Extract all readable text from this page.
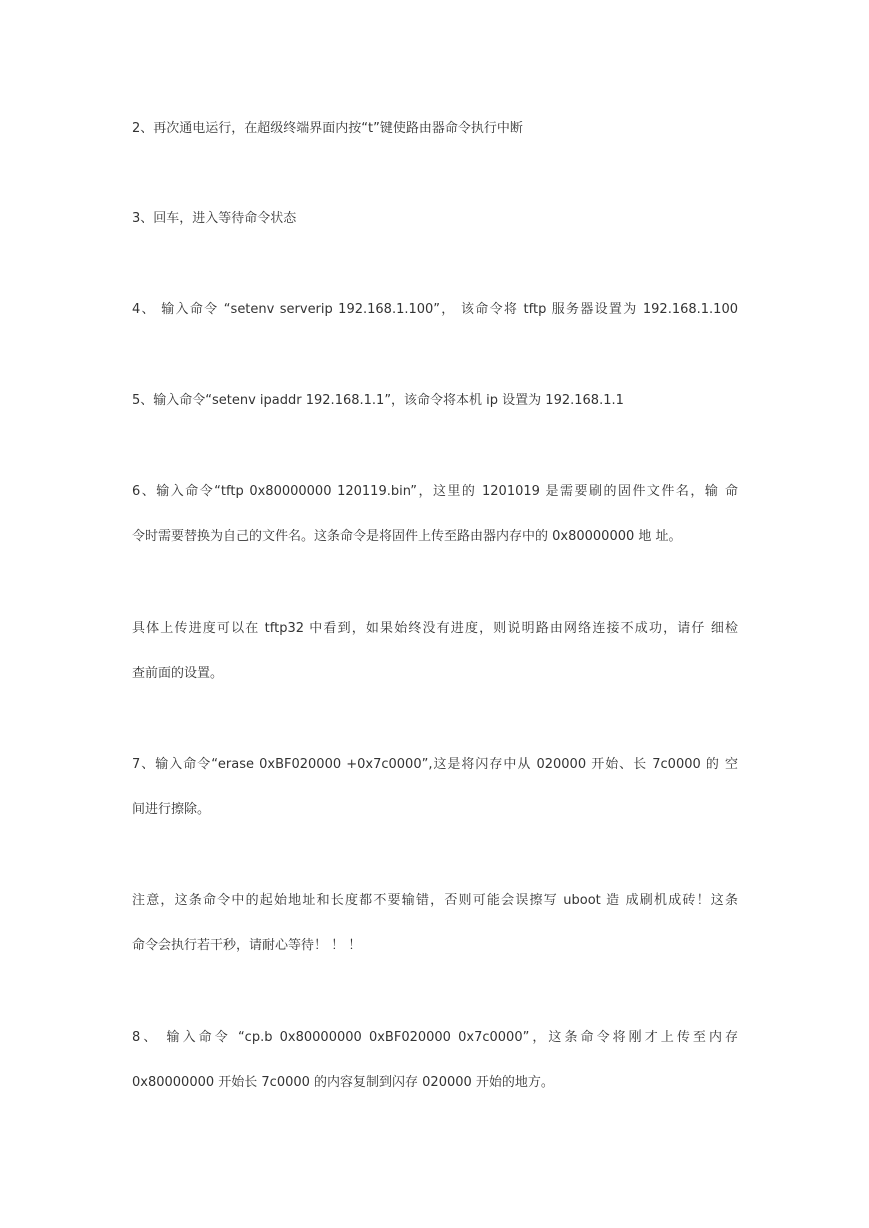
2、再次通电运行，在超级终端界面内按“t”键使路由器命令执行中断
3、回车，进入等待命令状态
4、 输入命令 “setenv serverip 192.168.1.100”， 该命令将 tftp 服务器设置为 192.168.1.100
5、输入命令“setenv ipaddr 192.168.1.1”，该命令将本机 ip 设置为 192.168.1.1
6、输入命令“tftp 0x80000000 120119.bin”，这里的 1201019 是需要刷的固件文件名，输 命
令时需要替换为自己的文件名。这条命令是将固件上传至路由器内存中的 0x80000000 地 址。
具体上传进度可以在 tftp32 中看到，如果始终没有进度，则说明路由网络连接不成功，请仔 细检
查前面的设置。
7、输入命令“erase 0xBF020000 +0x7c0000”,这是将闪存中从 020000 开始、长 7c0000 的 空
间进行擦除。
注意，这条命令中的起始地址和长度都不要输错，否则可能会误擦写 uboot 造 成刷机成砖！这条
命令会执行若干秒，请耐心等待！ ！ ！
8、 输入命令 “cp.b 0x80000000 0xBF020000 0x7c0000”，这条命令将刚才上传至内存
0x80000000 开始长 7c0000 的内容复制到闪存 020000 开始的地方。
